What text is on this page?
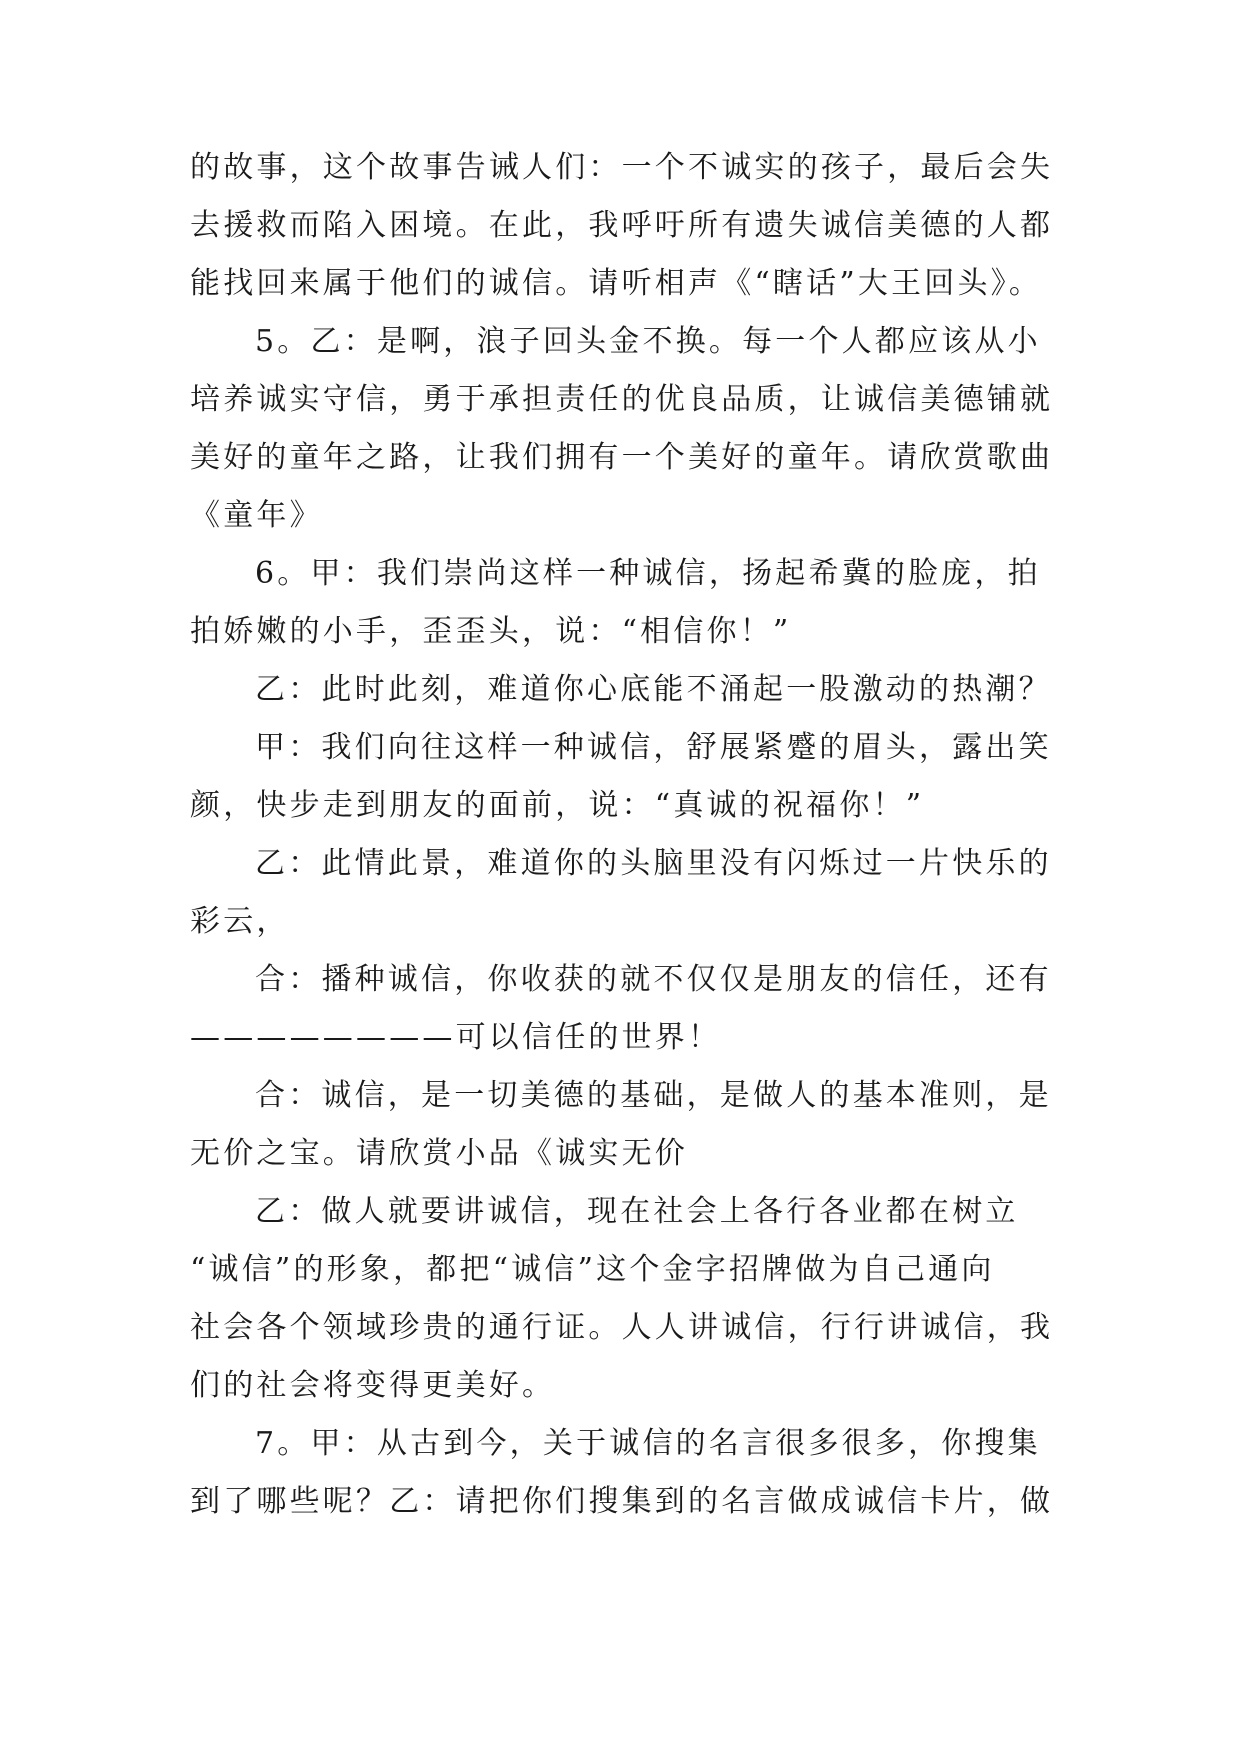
的故事，这个故事告诫人们：一个不诚实的孩子，最后会失
去援救而陷入困境。在此，我呼吁所有遗失诚信美德的人都
能找回来属于他们的诚信。请听相声《“瞎话”大王回头》。
5。乙：是啊，浪子回头金不换。每一个人都应该从小
培养诚实守信，勇于承担责任的优良品质，让诚信美德铺就
美好的童年之路，让我们拥有一个美好的童年。请欣赏歌曲
《童年》
6。甲：我们崇尚这样一种诚信，扬起希冀的脸庞，拍
拍娇嫩的小手，歪歪头，说：“相信你！”
乙：此时此刻，难道你心底能不涌起一股激动的热潮？
甲：我们向往这样一种诚信，舒展紧蹙的眉头，露出笑
颜，快步走到朋友的面前，说：“真诚的祝福你！”
乙：此情此景，难道你的头脑里没有闪烁过一片快乐的
彩云，
合：播种诚信，你收获的就不仅仅是朋友的信任，还有
————————可以信任的世界！
合：诚信，是一切美德的基础，是做人的基本准则，是
无价之宝。请欣赏小品《诚实无价
乙：做人就要讲诚信，现在社会上各行各业都在树立
“诚信”的形象，都把“诚信”这个金字招牌做为自己通向
社会各个领域珍贵的通行证。人人讲诚信，行行讲诚信，我
们的社会将变得更美好。
7。甲：从古到今，关于诚信的名言很多很多，你搜集
到了哪些呢？乙：请把你们搜集到的名言做成诚信卡片，做
